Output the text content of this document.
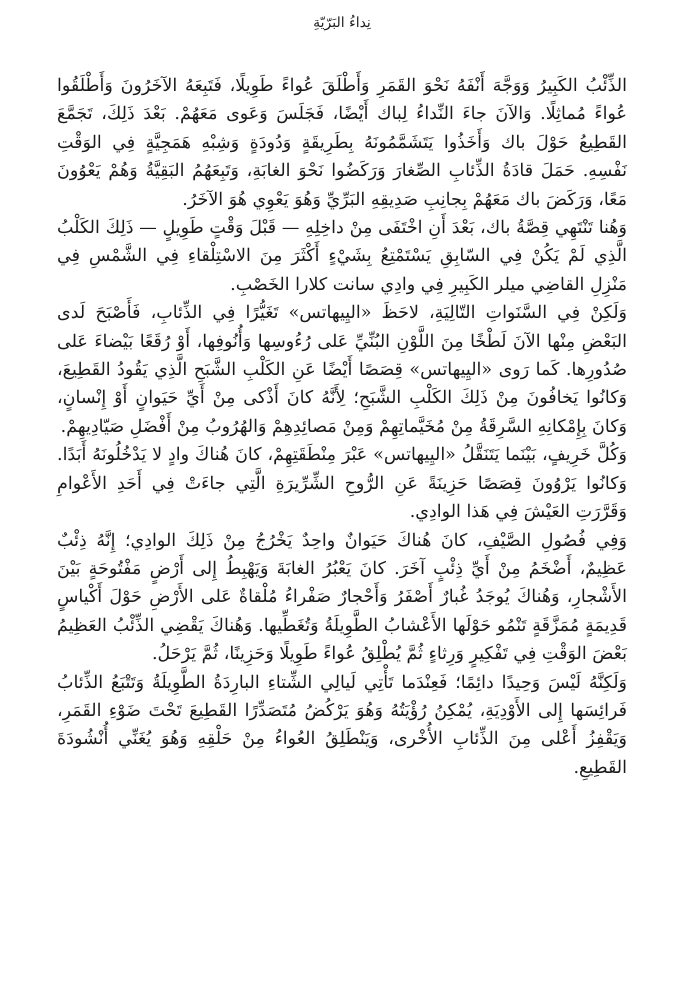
نِداءُ البَرّيّةِ

الذِّئْبُ الكَبِيرُ وَوَجَّهَ أَنْفَهُ نَحْوَ القَمَرِ وَأَطْلَقَ عُواءً طَوِيلًا، فَتَبِعَهُ الآخَرُونَ وَأَطْلَقُوا عُواءً مُماثِلًا. وَالآنَ جاءَ النِّداءُ لِباك أَيْضًا، فَجَلَسَ وَعَوى مَعَهُمْ. بَعْدَ ذَلِكَ، تَجَمَّعَ القَطِيعُ حَوْلَ باك وَأَخَذُوا يَتَشَمَّمُونَهُ بِطَرِيقَةٍ وَدُودَةٍ وَشِبْهِ هَمَجِيَّةٍ فِي الوَقْتِ نَفْسِهِ. حَمَلَ قادَةُ الذِّئابِ الصِّغارَ وَرَكَضُوا نَحْوَ الغابَةِ، وَتَبِعَهُمُ البَقِيَّةُ وَهُمْ يَعْوُونَ مَعًا، وَرَكَضَ باك مَعَهُمْ بِجانِبِ صَدِيقِهِ البَرِّيِّ وَهُوَ يَعْوِي هُوَ الآخَرُ.

وَهُنا تَنْتَهِي قِصَّةُ باك، بَعْدَ أَنِ اخْتَفَى مِنْ داخِلِهِ — قَبْلَ وَقْتٍ طَوِيلٍ — ذَلِكَ الكَلْبُ الَّذِي لَمْ يَكُنْ فِي السّابِقِ يَسْتَمْتِعُ بِشَيْءٍ أَكْثَرَ مِنَ الاسْتِلْقاءِ فِي الشَّمْسِ فِي مَنْزِلِ القاضِي ميلر الكَبِيرِ فِي وادِي سانت كلارا الخَصْبِ.

وَلَكِنْ فِي السَّنَواتِ التّالِيَةِ، لاحَظَ «اليِيهاتس» تَغَيُّرًا فِي الذِّئابِ، فَأَصْبَحَ لَدى البَعْضِ مِنْها الآنَ لَطْخًا مِنَ اللَّوْنِ البُنِّيِّ عَلى رُءُوسِها وَأُنُوفِها، أَوْ رُقَعًا بَيْضاءَ عَلى صُدُورِها. كَما رَوى «اليِيهاتس» قِصَصًا أَيْضًا عَنِ الكَلْبِ الشَّبَحِ الَّذِي يَقُودُ القَطِيعَ، وَكانُوا يَخافُونَ مِنْ ذَلِكَ الكَلْبِ الشَّبَحِ؛ لِأَنَّهُ كانَ أَذْكى مِنْ أَيِّ حَيَوانٍ أَوْ إِنْسانٍ، وَكانَ بِإِمْكانِهِ السَّرِقَةُ مِنْ مُخَيَّماتِهِمْ وَمِنْ مَصائِدِهِمْ وَالهُرُوبُ مِنْ أَفْضَلِ صَيّادِيهِمْ.

وَكُلَّ خَرِيفٍ، بَيْنَما يَتَنَقَّلُ «اليِيهاتس» عَبْرَ مِنْطَقَتِهِمْ، كانَ هُناكَ وادٍ لا يَدْخُلُونَهُ أَبَدًا. وَكانُوا يَرْوُونَ قِصَصًا حَزِينَةً عَنِ الرُّوحِ الشِّرِّيرَةِ الَّتِي جاءَتْ فِي أَحَدِ الأَعْوامِ وَقَرَّرَتِ العَيْشَ فِي هَذا الوادِي.

وَفِي فُصُولِ الصَّيْفِ، كانَ هُناكَ حَيَوانٌ واحِدٌ يَخْرُجُ مِنْ ذَلِكَ الوادِي؛ إِنَّهُ ذِئْبٌ عَظِيمٌ، أَضْخَمُ مِنْ أَيِّ ذِئْبٍ آخَرَ. كانَ يَعْبُرُ الغابَةَ وَيَهْبِطُ إِلى أَرْضٍ مَفْتُوحَةٍ بَيْنَ الأَشْجارِ، وَهُناكَ يُوجَدُ غُبارٌ أَصْفَرُ وَأَحْجارٌ صَفْراءُ مُلْقاةٌ عَلى الأَرْضِ حَوْلَ أَكْياسٍ قَدِيمَةٍ مُمَزَّقَةٍ تَنْمُو حَوْلَها الأَعْشابُ الطَّوِيلَةُ وَتُغَطِّيها. وَهُناكَ يَقْضِي الذِّئْبُ العَظِيمُ بَعْضَ الوَقْتِ فِي تَفْكِيرٍ وَرِثاءٍ ثُمَّ يُطْلِقُ عُواءً طَوِيلًا وَحَزِينًا، ثُمَّ يَرْحَلُ.

وَلَكِنَّهُ لَيْسَ وَحِيدًا دائِمًا؛ فَعِنْدَما تَأْتِي لَيالِي الشِّتاءِ البارِدَةُ الطَّوِيلَةُ وَتَتْبَعُ الذِّئابُ فَرائِسَها إِلى الأَوْدِيَةِ، يُمْكِنُ رُؤْيَتُهُ وَهُوَ يَرْكُضُ مُتَصَدِّرًا القَطِيعَ تَحْتَ ضَوْءِ القَمَرِ، وَيَقْفِزُ أَعْلى مِنَ الذِّئابِ الأُخْرى، وَيَنْطَلِقُ العُواءُ مِنْ حَلْقِهِ وَهُوَ يُغَنِّي أُنْشُودَةَ القَطِيعِ.
